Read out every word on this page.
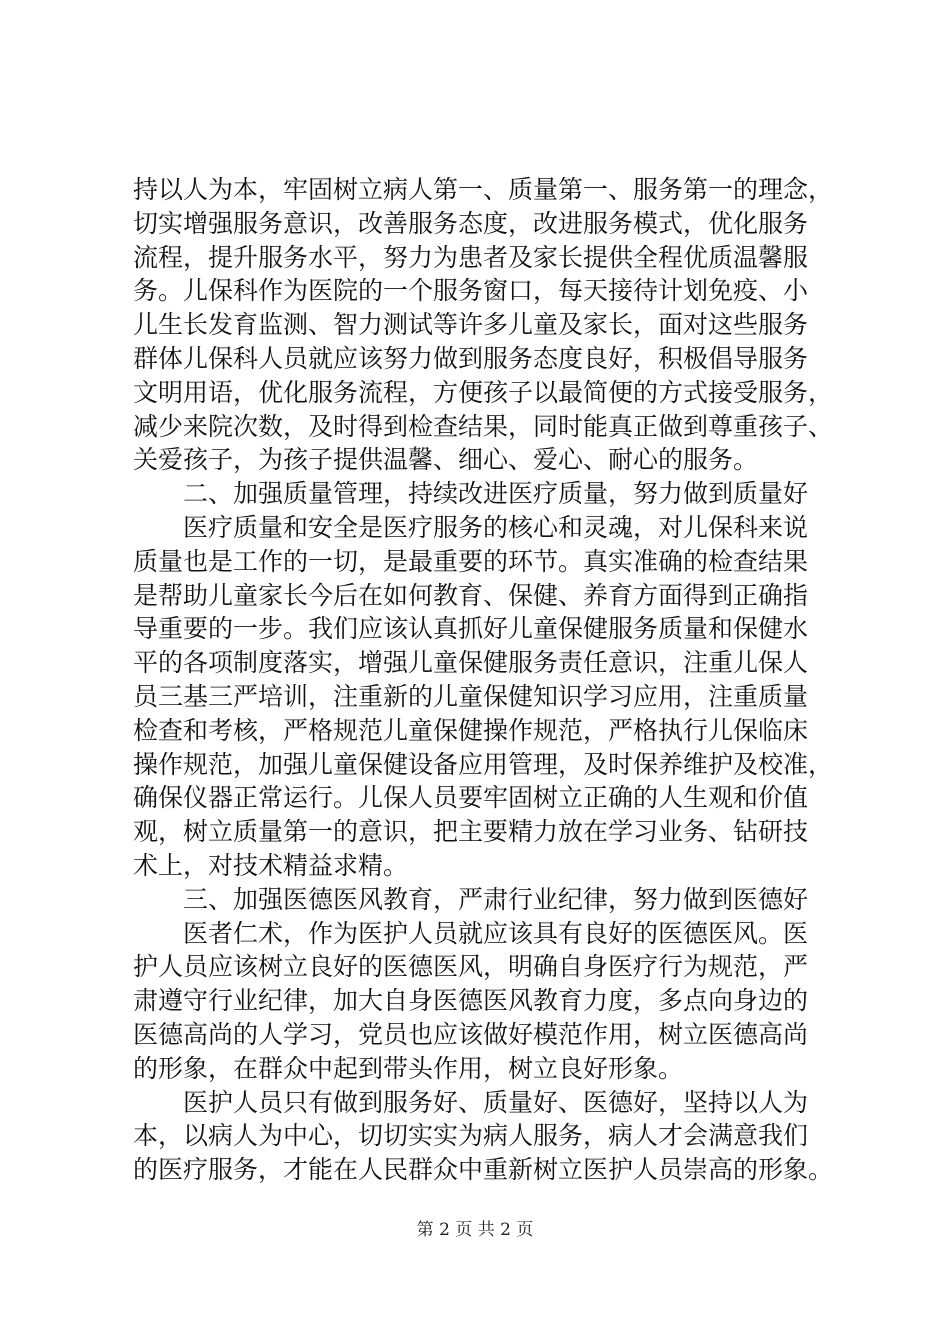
持以人为本，牢固树立病人第一、质量第一、服务第一的理念，
切实增强服务意识，改善服务态度，改进服务模式，优化服务
流程，提升服务水平，努力为患者及家长提供全程优质温馨服
务。儿保科作为医院的一个服务窗口，每天接待计划免疫、小
儿生长发育监测、智力测试等许多儿童及家长，面对这些服务
群体儿保科人员就应该努力做到服务态度良好，积极倡导服务
文明用语，优化服务流程，方便孩子以最简便的方式接受服务，
减少来院次数，及时得到检查结果，同时能真正做到尊重孩子、
关爱孩子，为孩子提供温馨、细心、爱心、耐心的服务。
　　二、加强质量管理，持续改进医疗质量，努力做到质量好
　　医疗质量和安全是医疗服务的核心和灵魂，对儿保科来说
质量也是工作的一切，是最重要的环节。真实准确的检查结果
是帮助儿童家长今后在如何教育、保健、养育方面得到正确指
导重要的一步。我们应该认真抓好儿童保健服务质量和保健水
平的各项制度落实，增强儿童保健服务责任意识，注重儿保人
员三基三严培训，注重新的儿童保健知识学习应用，注重质量
检查和考核，严格规范儿童保健操作规范，严格执行儿保临床
操作规范，加强儿童保健设备应用管理，及时保养维护及校准，
确保仪器正常运行。儿保人员要牢固树立正确的人生观和价值
观，树立质量第一的意识，把主要精力放在学习业务、钻研技
术上，对技术精益求精。
　　三、加强医德医风教育，严肃行业纪律，努力做到医德好
　　医者仁术，作为医护人员就应该具有良好的医德医风。医
护人员应该树立良好的医德医风，明确自身医疗行为规范，严
肃遵守行业纪律，加大自身医德医风教育力度，多点向身边的
医德高尚的人学习，党员也应该做好模范作用，树立医德高尚
的形象，在群众中起到带头作用，树立良好形象。
　　医护人员只有做到服务好、质量好、医德好，坚持以人为
本，以病人为中心，切切实实为病人服务，病人才会满意我们
的医疗服务，才能在人民群众中重新树立医护人员崇高的形象。
第 2 页 共 2 页
